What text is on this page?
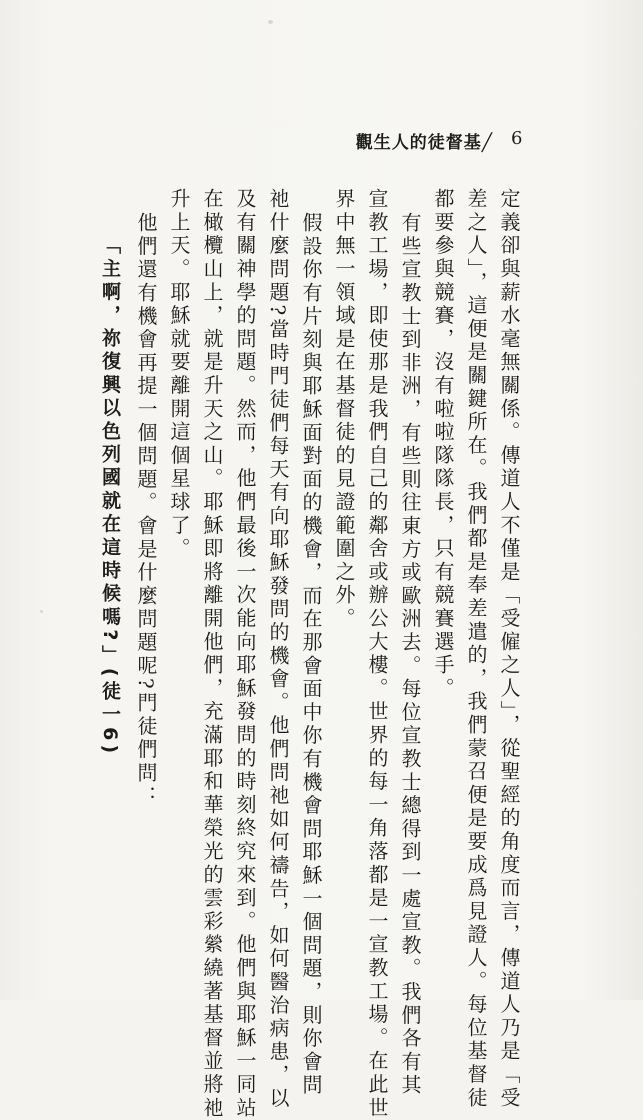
觀生人的徒督基╱ 6
定義卻與薪水毫無關係。傳道人不僅是「受僱之人」，從聖經的角度而言，傳道人乃是「受
差之人」，這便是關鍵所在。我們都是奉差遣的，我們蒙召便是要成爲見證人。每位基督徒
都要參與競賽，沒有啦啦隊隊長，只有競賽選手。
有些宣教士到非洲，有些則往東方或歐洲去。每位宣教士總得到一處宣教。我們各有其
宣教工場，即使那是我們自己的鄰舍或辦公大樓。世界的每一角落都是一宣教工場。在此世
界中無一領域是在基督徒的見證範圍之外。
假設你有片刻與耶穌面對面的機會，而在那會面中你有機會問耶穌一個問題，則你會問
祂什麼問題?當時門徒們每天有向耶穌發問的機會。他們問祂如何禱告，如何醫治病患，以
及有關神學的問題。然而，他們最後一次能向耶穌發問的時刻終究來到。他們與耶穌一同站
在橄欖山上，就是升天之山。耶穌即將離開他們，充滿耶和華榮光的雲彩縈繞著基督並將祂
升上天。耶穌就要離開這個星球了。
他們還有機會再提一個問題。會是什麼問題呢?門徒們問：
「主啊，祢復興以色列國就在這時候嗎?」(徒一6)
